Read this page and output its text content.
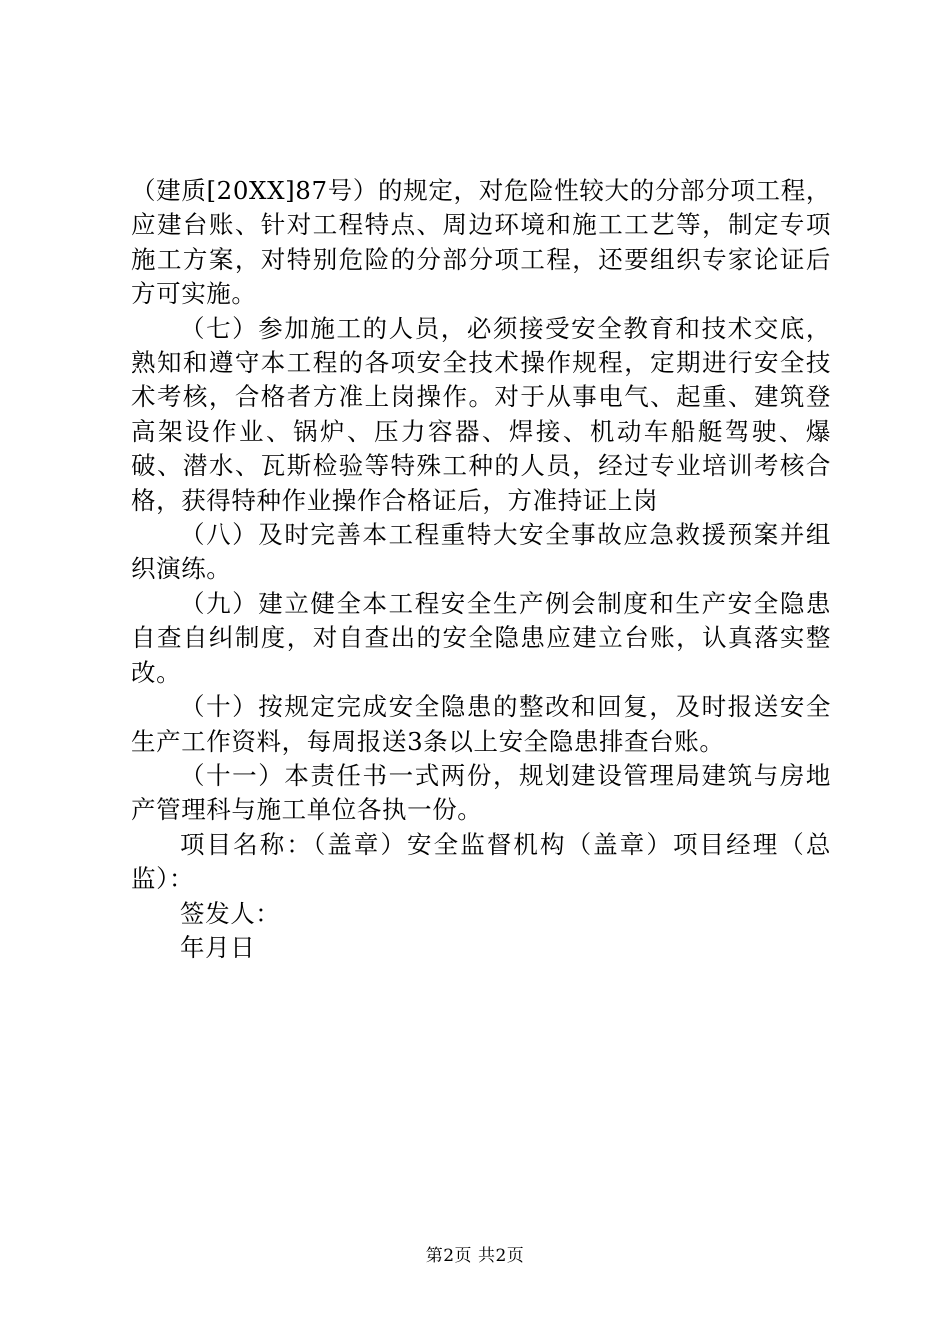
（建质[20XX]87号）的规定，对危险性较大的分部分项工程，应建台账、针对工程特点、周边环境和施工工艺等，制定专项施工方案，对特别危险的分部分项工程，还要组织专家论证后方可实施。

（七）参加施工的人员，必须接受安全教育和技术交底，熟知和遵守本工程的各项安全技术操作规程，定期进行安全技术考核，合格者方准上岗操作。对于从事电气、起重、建筑登高架设作业、锅炉、压力容器、焊接、机动车船艇驾驶、爆破、潜水、瓦斯检验等特殊工种的人员，经过专业培训考核合格，获得特种作业操作合格证后，方准持证上岗

（八）及时完善本工程重特大安全事故应急救援预案并组织演练。

（九）建立健全本工程安全生产例会制度和生产安全隐患自查自纠制度，对自查出的安全隐患应建立台账，认真落实整改。

（十）按规定完成安全隐患的整改和回复，及时报送安全生产工作资料，每周报送3条以上安全隐患排查台账。

（十一）本责任书一式两份，规划建设管理局建筑与房地产管理科与施工单位各执一份。

项目名称：（盖章）安全监督机构（盖章）项目经理（总监）：

签发人：

年月日

第2页 共2页
